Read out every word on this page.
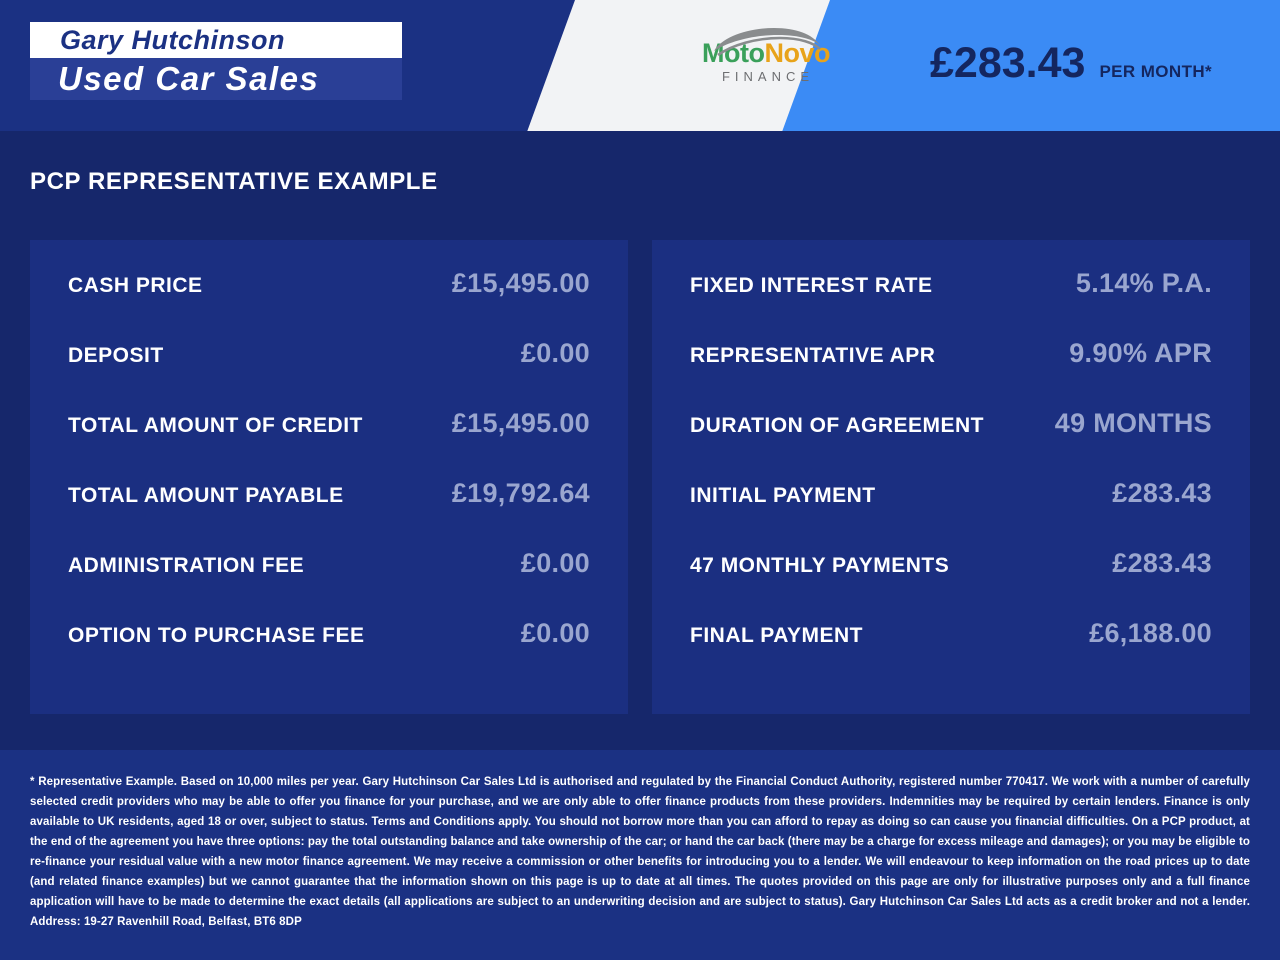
Gary Hutchinson
Used Car Sales
MotoNovo
FINANCE	£283.43 PER MONTH*
PCP REPRESENTATIVE EXAMPLE
CASH PRICE	£15,495.00
DEPOSIT	£0.00
TOTAL AMOUNT OF CREDIT	£15,495.00
TOTAL AMOUNT PAYABLE	£19,792.64
ADMINISTRATION FEE	£0.00
OPTION TO PURCHASE FEE	£0.00
FIXED INTEREST RATE	5.14% P.A.
REPRESENTATIVE APR	9.90% APR
DURATION OF AGREEMENT	49 MONTHS
INITIAL PAYMENT	£283.43
47 MONTHLY PAYMENTS	£283.43
FINAL PAYMENT	£6,188.00
* Representative Example. Based on 10,000 miles per year. Gary Hutchinson Car Sales Ltd is authorised and regulated by the Financial Conduct Authority, registered number 770417. We work with a number of carefully selected credit providers who may be able to offer you finance for your purchase, and we are only able to offer finance products from these providers. Indemnities may be required by certain lenders. Finance is only available to UK residents, aged 18 or over, subject to status. Terms and Conditions apply. You should not borrow more than you can afford to repay as doing so can cause you financial difficulties. On a PCP product, at the end of the agreement you have three options: pay the total outstanding balance and take ownership of the car; or hand the car back (there may be a charge for excess mileage and damages); or you may be eligible to re-finance your residual value with a new motor finance agreement. We may receive a commission or other benefits for introducing you to a lender. We will endeavour to keep information on the road prices up to date (and related finance examples) but we cannot guarantee that the information shown on this page is up to date at all times. The quotes provided on this page are only for illustrative purposes only and a full finance application will have to be made to determine the exact details (all applications are subject to an underwriting decision and are subject to status). Gary Hutchinson Car Sales Ltd acts as a credit broker and not a lender. Address: 19-27 Ravenhill Road, Belfast, BT6 8DP
